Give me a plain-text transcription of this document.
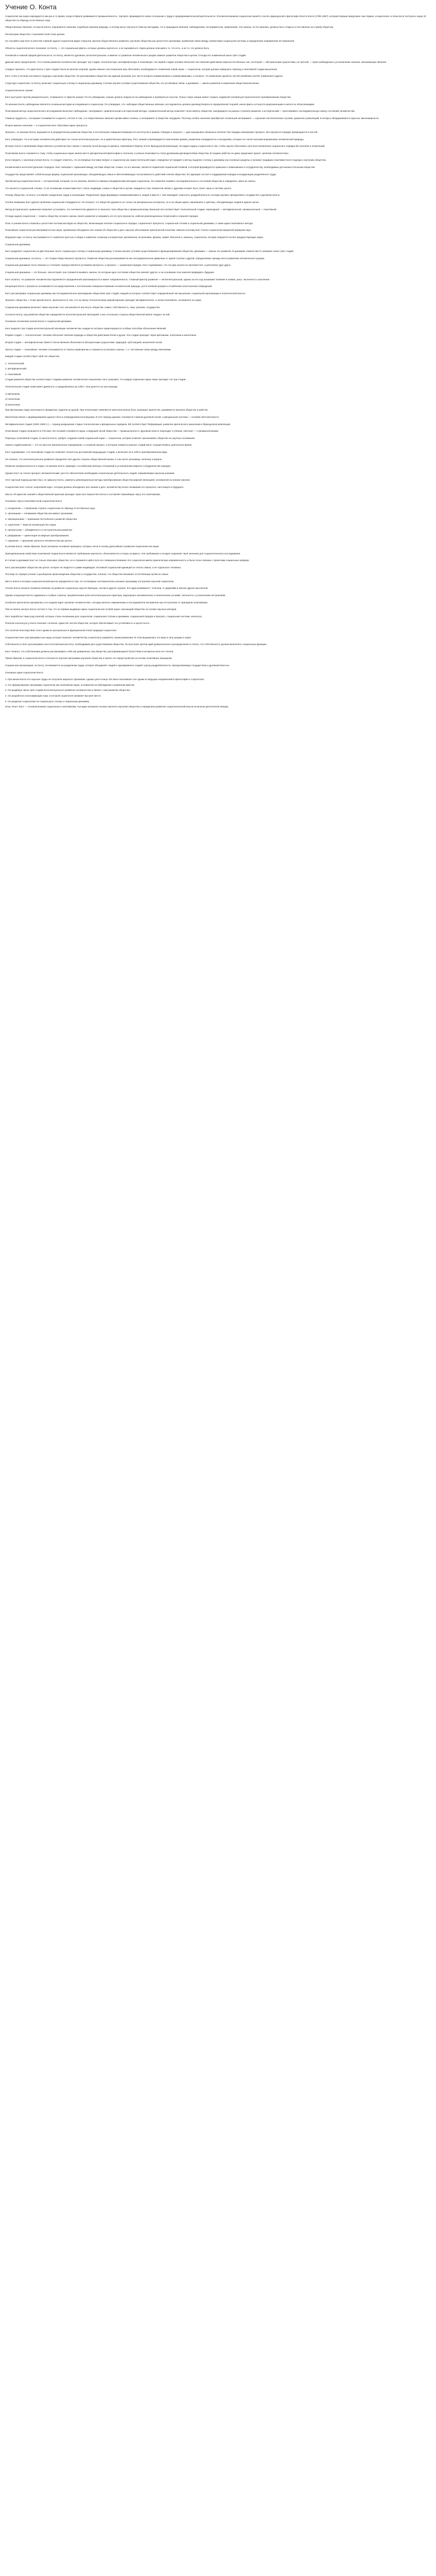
Учение О. Конта

Социология как наука зарождается как раз в то время, когда в Европе развиваются промышленность, торговля, формируется новое отношение к труду и предпринимательской деятельности. Основоположником социологии принято считать французского философа Огюста Конта (1798–1857), который первым предложил сам термин «социология» и попытался построить науку об обществе по образцу естественных наук.

Общественные явления, по мысли Конта, подчиняются законам, подобным законам природы, и потому могут изучаться теми же методами, что и природные явления: наблюдением, экспериментом, сравнением. Эти законы, по его мнению, должны быть открыты и поставлены на службу обществу.

Рассмотрим общество с позитивистской точки зрения.

Не случайно ещё Конт в качестве главной задачи социологии видел открытие законов общественного развития, изучение общества как целостного организма, выявление связи между элементами социальной системы и определение направления её изменения.

Объекты социологического познания, по Конту, — это социальные факты, которые должны изучаться, а не оцениваться. Наука должна описывать то, что есть, а не то, что должно быть.

Основной и главной сферой деятельности, по Конту, является духовная, интеллектуальная, и именно от развития человеческого разума зависит развитие общества в целом. Отсюда его знаменитый закон трёх стадий.

Данный закон предполагает, что в своём развитии человечество проходит три стадии: теологическую, метафизическую и позитивную. На первой стадии человек объясняет все явления действием сверхъестественных сил, на второй — абстрактными сущностями, на третьей — через наблюдение и установление законов, связывающих явления.

Следует признать, что идея Конта о трёх стадиях была во многом спорной, однако именно она позволила ему обосновать необходимость появления новой науки — социологии, которая должна завершить переход к позитивной стадии мышления.

Конт стоял у истоков системного подхода к изучению общества. Он рассматривал общество как единый организм, все части которого взаимосвязаны и взаимозависимы, и полагал, что изменение одной из частей неизбежно влечёт изменения в других.

Структура социологии, по Конту, включает социальную статику и социальную динамику. Статика изучает условия существования общества, его устойчивые связи, а динамика — законы развития и изменения общественной жизни.

Социологическое знание.

Конт выступает против умозрительного, оторванного от фактов знания. По его убеждению, знание должно опираться на наблюдение и проверяться опытом. Только такое знание может служить надёжной основой для практического преобразования общества.

По мнению Конта, наблюдение является основным методом исследования в социологии. Он утверждал, что, наблюдая общественные явления, исследователь должен руководствоваться определённой теорией, иначе факты останутся разрозненными и ничего не объясняющими.

Позитивный метод социологического исследования включает наблюдение, эксперимент, сравнительный и исторический методы. Сравнительный метод позволяет сопоставлять общества, находящиеся на разных ступенях развития, а исторический — прослеживать последовательную смену состояний человечества.

Главные трудности, с которыми сталкивается социолог, состоят в том, что общественные явления чрезвычайно сложны, а эксперимент в обществе затруднён. Поэтому особое значение приобретает косвенный эксперимент — изучение патологических случаев, кризисов и революций, в которых обнаруживаются скрытые закономерности.

Второе важное значение — в социологии Конт обосновал идею прогресса.

Прогресс, по мнению Конта, выражается в упорядоченном развитии общества, в постепенном совершенствовании его институтов и нравов. Порядок и прогресс — два неразрывно связанных понятия: без порядка невозможен прогресс, без прогресса порядок превращается в застой.

Конт утверждал, что в истории человечества действуют не только интеллектуальные, но и нравственные факторы. Рост знаний сопровождается смягчением нравов, развитием солидарности и альтруизма, которые он считал высшим выражением человеческой природы.

Интерес Конта к проблемам общественного устройства был связан с поиском путей выхода из кризиса, охватившего Европу после Французской революции. Он видел задачу социологии в том, чтобы научно обосновать пути восстановления социального порядка без насилия и потрясений.

Позитивизм Конта стремился к тому, чтобы социальные науки заняли место умозрительной философии и теологии, а учёные-позитивисты стали духовными руководителями общества. В поздних работах он даже предложил проект «религии человечества».

Если говорить о значении учения Конта, то следует отметить, что он впервые поставил вопрос о социологии как самостоятельной науке, определил её предмет и метод, выделил статику и динамику как основные разделы и заложил традицию позитивистского подхода к изучению общества.

Космический и интеллектуальный «порядок» Конт связывал с гармонией между частями общества. Семья, по его мнению, является первичной социальной ячейкой, в которой формируются привычки к повиновению и сотрудничеству, необходимые для жизни в большом обществе.

Государство представляет собой высшую форму социальной организации, объединяющую семьи и обеспечивающую согласованность действий членов общества. Его функция состоит в поддержании порядка и координации разделённого труда.

Третий метод социологии Конта — исторический, который, по его мнению, является главным специфическим методом социологии. Он позволяет выявить последовательность состояний общества и определить закон их смены.

Что касается социальной статики, то её основными элементами Конт считал индивида, семью и общество в целом. Каждый из этих элементов связан с другими и может быть понят лишь в системе целого.

Основу общества, по Конту, составляет разделение труда и кооперация. Разделение труда формирует взаимозависимость людей и вместе с тем порождает опасность раздробленности, которую должно преодолевать государство и духовная власть.

Особое внимание Конт уделял проблеме социальной солидарности. Он полагал, что общество держится не только на материальных интересах, но и на общих идеях, верованиях и чувствах, объединяющих людей в единое целое.

Метод исторического сравнения позволяет установить, что человечество движется от военного типа общества к промышленному. Военный тип соответствует теологической стадии, переходный — метафизической, промышленный — позитивной.

Отсюда задача социологии — помочь обществу осознать законы своего развития и направить его по пути прогресса, избегая революционных потрясений и сохраняя порядок.

Итак, в учении Конта сложилась целостная система взглядов на общество, включающая понятие социального порядка, социального прогресса, социальной статики и социальной динамики, а также идею позитивного метода.

Позитивная социология рассматривается как наука, призванная объединить все знания об обществе и дать научное обоснование практической политике. Именно поэтому Конт считал социологию вершиной иерархии наук.

Иерархия наук, по Конту, выстраивается от наиболее простых и общих к наиболее сложным и конкретным: математика, астрономия, физика, химия, биология и, наконец, социология, которая опирается на все предшествующие науки.

Социальная динамика.

Конт разделяет социологию на две большие части: социальную статику и социальную динамику. Статика изучает условия существования и функционирования общества, динамика — законы его развития. В динамике главное место занимает закон трёх стадий.

Социальная динамика, по Конту, — это теория общественного прогресса. Развитие общества рассматривается как последовательное движение от одной ступени к другой, определяемое прежде всего развитием человеческого разума.

Социальная динамика тесно связана со статикой: порядок является условием прогресса, а прогресс — развитием порядка. Конт подчёркивал, что эти два начала не противостоят, а дополняют друг друга.

Социальная динамика — это больше, чем история: она стремится выявить законы, по которым одно состояние общества сменяет другое, и на основании этих законов предвидеть будущее.

Конт полагал, что развитие человечества подчиняется определённой закономерности и имеет направленность. Главный фактор развития — интеллектуальный, однако на его ход оказывают влияние и климат, раса, численность населения.

Концепция Конта о прогрессе основывается на представлении о постепенном совершенствовании человеческой природы, росте влияния разума и ослаблении эгоистических побуждений.

Конт рассматривал социальную динамику как последовательное прохождение обществом трёх стадий, каждой из которых соответствует определённый тип мышления, социальной организации и политической власти.

Прогресс общества, с точки зрения Конта, заключается в том, что на смену теологическому мировоззрению приходит метафизическое, а затем позитивное, основанное на науке.

Социальная динамика включает также изучение того, как меняются институты общества: семья, собственность, язык, религия, государство.

Согласно Конту, ход развития общества определяется интеллектуальной эволюцией, а все остальные стороны общественной жизни следуют за ней.

Основные положения учения Конта о социальной динамике.

Конт выделял три стадии интеллектуальной эволюции человечества, каждая из которых характеризуется особым способом объяснения явлений.

Первая стадия — теологическая. Человек объясняет явления природы и общества действием богов и духов. Эта стадия проходит через фетишизм, политеизм и монотеизм.

Вторая стадия — метафизическая. Вместо богов явления объясняются абстрактными сущностями: природой, субстанцией, жизненной силой.

Третья стадия — позитивная. Человек отказывается от поиска первопричин и стремится установить законы, т. е. постоянные связи между явлениями.

Каждой стадии соответствует свой тип общества:

1. теологический;

2. метафизический;

3. позитивный.

Стадии развития общества соответствуют стадиям развития человеческого мышления. Конт указывал, что каждая отдельная наука также проходит эти три стадии.

Теологическая стадия охватывает древность и средневековье до 1300 г. Она делится на три периода:

1) фетишизм,

2) политеизм,

3) монотеизм.

При фетишизме люди поклоняются предметам, наделяя их душой. При политеизме появляются многочисленные боги, возникает жречество, развивается военное общество и рабство.

Монотеизм связан с формированием единого бога и утверждением католицизма. В этот период церковь становится главной духовной силой, а феодальная система — основой светской власти.

Метафизическая стадия (1300–1800 гг.) — период разрушения старых теологических и феодальных порядков. Ей соответствует Реформация, развитие критического мышления и Французская революция.

Позитивная стадия начинается в XIX веке. Её основой становится наука, а ведущей силой общества — промышленность. Духовная власть переходит к учёным, светская — к промышленникам.

Переход к позитивной стадии, по мысли Конта, требует создания новой социальной науки — социологии, которая позволит организовать общество на научных основаниях.

Смена стадий развития — это не простое механическое чередование, а сложный процесс, в котором элементы разных стадий могут сосуществовать длительное время.

Конт подчёркивал, что позитивная стадия не отменяет полностью достижений предыдущих стадий, а включает их в себя в преобразованном виде.

Он полагал, что интеллектуальное развитие определяет все другие стороны общественной жизни, в том числе экономику, политику и мораль.

Развитие промышленности и науки, по мнению Конта, приводит к ослаблению военных отношений и установлению мирного сотрудничества народов.

Однако Конт не считал прогресс автоматическим: для его обеспечения необходима сознательная деятельность людей, направляемая научным знанием.

Этот научный подход должен был, по замыслу Конта, заменить революционные методы преобразования общества мирной эволюцией, основанной на знании законов.

Социологию Конт считал «королевой наук», которая должна объединить все знания и дать человечеству ясное понимание его прошлого, настоящего и будущего.

Мысль об единстве знаний и общественной практики проходит через всё творчество Конта и составляет важнейшую черту его позитивизма.

Основные черты позитивистской социологии Конта:

1. натурализм — стремление строить социологию по образцу естественных наук;

2. органицизм — понимание общества как живого организма;

3. эволюционизм — признание постепенного развития общества;

4. сциентизм — вера во всемогущество науки;

5. прогрессизм — убеждённость в поступательном развитии;

6. реформизм — ориентация на мирные преобразования;

7. гуманизм — признание ценности человечества как целого.

В учении Конта, таким образом, были заложены основные принципы, которые легли в основу дальнейшего развития социологии как науки.

Принципиальным свойством позитивной теории Конта являются требования научности, объективности и опоры на факты. Эти требования и сегодня сохраняют своё значение для социологического исследования.

В статике и динамике Конт не только описывал общество, но и стремился найти пути его совершенствования. Его социология имела практическую направленность и была тесно связана с проектами социальных реформ.

Конт рассматривал общество как целое, которое не сводится к сумме индивидов. Основной социальной единицей он считал семью, а не отдельного человека.

Поэтому он отрицал учение о договорном происхождении общества и государства, полагая, что общество возникает естественным путём из семьи.

Место Конта в истории социологической мысли определяется тем, что он впервые систематически изложил программу построения научной социологии.

Учение Конта оказало огромное влияние на развитие социальных наук во Франции, Англии и других странах. Его идеи развивали Г. Спенсер, Э. Дюркгейм и многие другие мыслители.

Однако концепция Конта содержала и слабые стороны: преувеличение роли интеллектуального фактора, недооценка экономических и политических условий, склонность к утопическим построениям.

Особенно критически оценивалась его поздняя идея «религии человечества», которую многие современники и последователи восприняли как отступление от принципов позитивизма.

Тем не менее заслуга Конта состоит в том, что он первым выдвинул идею социологии как особой науки, изучающей общество на основе научных методов.

Конт выработал также ряд понятий, которые стали основными для социологии: социальная статика и динамика, социальный порядок и прогресс, социальная система, консенсус.

Понятие консенсуса у Конта означает согласие, единство частей общества, которое обеспечивает его устойчивость и целостность.

Это понятие впоследствии стало одним из центральных в функционалистской традиции социологии.

Социологию Конт рассматривал как науку, которая позволит человечеству сознательно управлять своим развитием. В этом выражалась его вера в силу разума и науки.

Собственность Конт рассматривал как естественный институт, необходимый для существования общества. Он выступал против идей уравнительного распределения и считал, что собственность должна выполнять социальную функцию.

Конт полагал, что собственники должны рассматривать себя как доверенных лиц общества, распоряжающихся богатством в интересах всех его членов.

Таким образом, в социологии Конта сочетаются научная программа изучения общества и проект его переустройства на основе позитивных принципов.

Социальная организация, по Конту, основывается на разделении труда, которое объединяет людей и одновременно создаёт угрозу раздробленности, преодолеваемую государством и духовной властью.

Основные идеи социологии Конта:

1. При жизни Конта его научные труды не получили широкого признания, однако уже в конце XIX века позитивизм стал одним из ведущих направлений в философии и социологии;

2. Он сформулировал программу социологии как позитивной науки, основанной на наблюдении и сравнении фактов;

3. Он выдвинул закон трёх стадий интеллектуального развития человечества и связал с ним развитие общества;

4. Он разработал классификацию наук, в которой социология занимает высшее место;

5. Он разделил социологию на социальную статику и социальную динамику.

Итак, Огюст Конт — основоположник социологии и позитивизма, чьи идеи заложили основы научного изучения общества и определили развитие социологической мысли на многие десятилетия вперёд.
